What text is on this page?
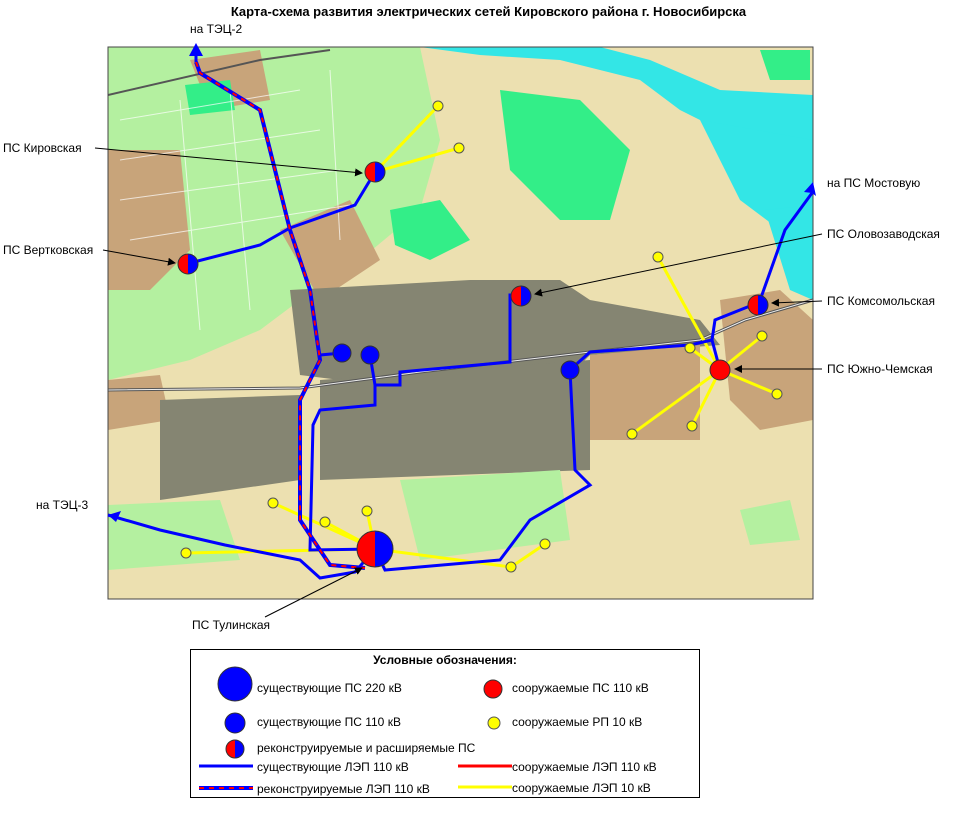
Карта-схема развития электрических сетей Кировского района г. Новосибирска
на ТЭЦ-2
на ТЭЦ-3
на ПС Мостовую
ПС Кировская
ПС Вертковская
ПС Оловозаводская
ПС Комсомольская
ПС Южно-Чемская
ПС Тулинская
Условные обозначения:
существующие ПС 220 кВ	сооружаемые ПС 110 кВ
существующие ПС 110 кВ	сооружаемые РП 10 кВ
реконструируемые и расширяемые ПС
существующие ЛЭП 110 кВ	сооружаемые ЛЭП 110 кВ
реконструируемые ЛЭП 110 кВ	сооружаемые ЛЭП 10 кВ
